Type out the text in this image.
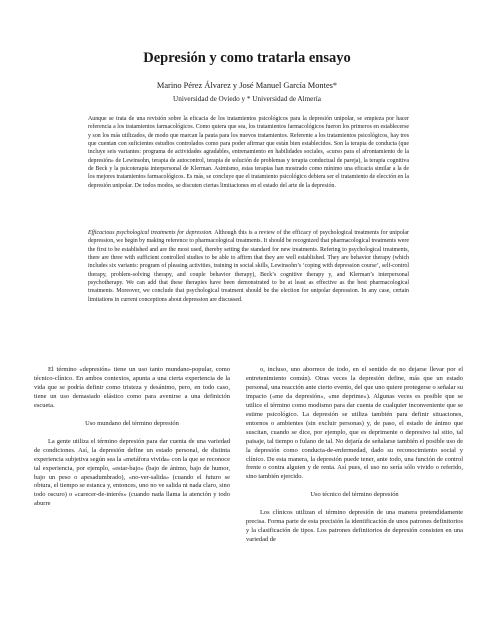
Depresión y como tratarla ensayo
Marino Pérez Álvarez y José Manuel García Montes*
Universidad de Oviedo y * Universidad de Almería

Aunque se trata de una revisión sobre la eficacia de los tratamientos psicológicos para la depresión unipolar, se empieza por hacer referencia a los tratamientos farmacológicos. Como quiera que sea, los tratamientos farmacológicos fueron los primeros en establecerse y son los más utilizados, de modo que marcan la pauta para los nuevos tratamientos. Referente a los tratamientos psicológicos, hay tres que cuentan con suficientes estudios controlados como para poder afirmar que están bien establecidos. Son la terapia de conducta (que incluye seis variantes: programa de actividades agradables, entrenamiento en habilidades sociales, «curso para el afrontamiento de la depresión» de Lewinsohn, terapia de autocontrol, terapia de solución de problemas y terapia conductual de pareja), la terapia cognitiva de Beck y la psicoterapia interpersonal de Klerman. Asimismo, estas terapias han mostrado como mínimo una eficacia similar a la de los mejores tratamientos farmacológicos. Es más, se concluye que el tratamiento psicológico debiera ser el tratamiento de elección en la depresión unipolar. De todos modos, se discuten ciertas limitaciones en el estado del arte de la depresión.

Efficacious psychological treatments for depression. Although this is a review of the efficacy of psychological treatments for unipolar depression, we begin by making reference to pharmacological treatments. It should be recognized that pharmacological treatments were the first to be established and are the most used, thereby setting the standard for new treatments. Refering to psychological treatments, there are three with sufficient controlled studies to be able to affirm that they are well established. They are behavior therapy (which includes six variants: program of pleasing activities, training in social skills, Lewinsohn’s ‘coping with depression course’, self-control therapy, problem-solving therapy, and couple behavior therapy), Beck’s cognitive therapy y, and Klerman’s interpersonal psychotherapy. We can add that these therapies have been demonstrated to be at least as effective as the best pharmacological treatments. Moreover, we conclude that psychological treatment should be the election for unipolar depression. In any case, certain limitations in current conceptions about depression are discussed.

El término «depresión» tiene un uso tanto mundano-popular, como técnico-clínico. En ambos contextos, apunta a una cierta experiencia de la vida que se podría definir como tristeza y desánimo, pero, en todo caso, tiene un uso demasiado elástico como para avenirse a una definición escueta.

Uso mundano del término depresión

La gente utiliza el término depresión para dar cuenta de una variedad de condiciones. Así, la depresión define un estado personal, de distinta experiencia subjetiva según sea la «metáfora vivida» con la que se reconoce tal experiencia, por ejemplo, «estar-bajo» (bajo de ánimo, bajo de humor, bajo un peso o apesadumbrado), «no-ver-salida» (cuando el futuro se obtura, el tiempo se estanca y, entonces, uno no ve salida ni nada claro, sino todo oscuro) o «carecer-de-interés» (cuando nada llama la atención y todo aburre

o, incluso, uno aborrece de todo, en el sentido de no dejarse llevar por el entretenimiento común). Otras veces la depresión define, más que un estado personal, una reacción ante cierto evento, del que uno quiere protegerse o señalar su impacto («me da depresión», «me deprime»). Algunas veces es posible que se utilice el término como modismo para dar cuenta de cualquier inconveniente que se estime psicológico. La depresión se utiliza también para definir situaciones, entornos o ambientes (sin excluir personas) y, de paso, el estado de ánimo que suscitan, cuando se dice, por ejemplo, que es deprimente o depresivo tal sitio, tal paisaje, tal tiempo o fulano de tal. No dejaría de señalarse también el posible uso de la depresión como conducta-de-enfermedad, dado su reconocimiento social y clínico. De esta manera, la depresión puede tener, ante todo, una función de control frente o contra alguien y de renta. Así pues, el uso no sería sólo vivido o referido, sino también ejercido.

Uso técnico del término depresión

Los clínicos utilizan el término depresión de una manera pretendidamente precisa. Forma parte de esta precisión la identificación de unos patrones definitorios y la clasificación de tipos. Los patrones definitorios de depresión consisten en una variedad de
